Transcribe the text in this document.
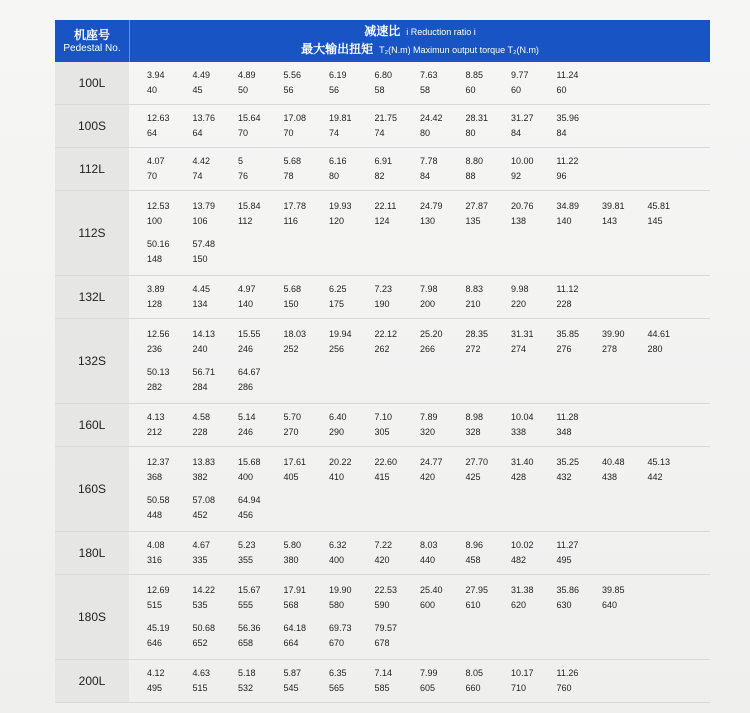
机座号
Pedestal No.
减速比 i Reduction ratio i
最大输出扭矩 T₂(N.m) Maximun output torque T₂(N.m)
100L
3.94
40
4.49
45
4.89
50
5.56
56
6.19
56
6.80
58
7.63
58
8.85
60
9.77
60
11.24
60
100S
12.63
64
13.76
64
15.64
70
17.08
70
19.81
74
21.75
74
24.42
80
28.31
80
31.27
84
35.96
84
112L
4.07
70
4.42
74
5
76
5.68
78
6.16
80
6.91
82
7.78
84
8.80
88
10.00
92
11.22
96
112S
12.53
100
13.79
106
15.84
112
17.78
116
19.93
120
22.11
124
24.79
130
27.87
135
20.76
138
34.89
140
39.81
143
45.81
145
50.16
148
57.48
150
132L
3.89
128
4.45
134
4.97
140
5.68
150
6.25
175
7.23
190
7.98
200
8.83
210
9.98
220
11.12
228
132S
12.56
236
14.13
240
15.55
246
18.03
252
19.94
256
22.12
262
25.20
266
28.35
272
31.31
274
35.85
276
39.90
278
44.61
280
50.13
282
56.71
284
64.67
286
160L
4.13
212
4.58
228
5.14
246
5.70
270
6.40
290
7.10
305
7.89
320
8.98
328
10.04
338
11.28
348
160S
12.37
368
13.83
382
15.68
400
17.61
405
20.22
410
22.60
415
24.77
420
27.70
425
31.40
428
35.25
432
40.48
438
45.13
442
50.58
448
57.08
452
64.94
456
180L
4.08
316
4.67
335
5.23
355
5.80
380
6.32
400
7.22
420
8.03
440
8.96
458
10.02
482
11.27
495
180S
12.69
515
14.22
535
15.67
555
17.91
568
19.90
580
22.53
590
25.40
600
27.95
610
31.38
620
35.86
630
39.85
640
45.19
646
50.68
652
56.36
658
64.18
664
69.73
670
79.57
678
200L
4.12
495
4.63
515
5.18
532
5.87
545
6.35
565
7.14
585
7.99
605
8.05
660
10.17
710
11.26
760
